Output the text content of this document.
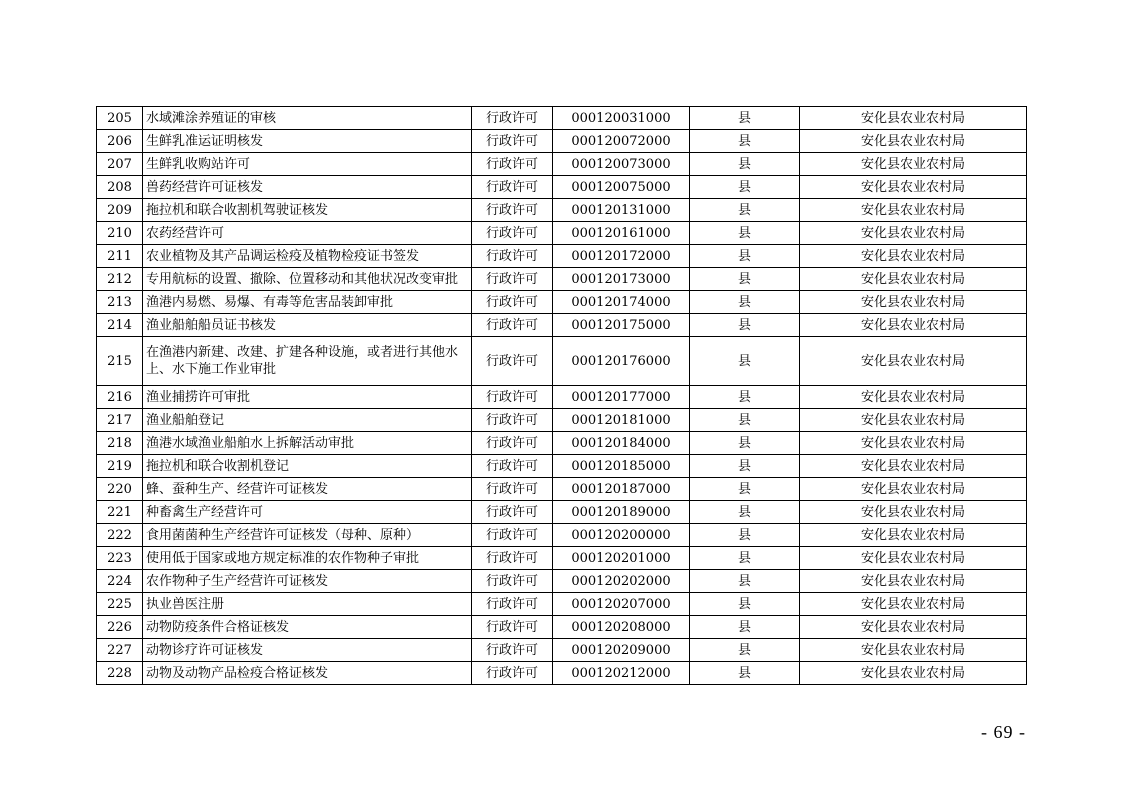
205	水域滩涂养殖证的审核	行政许可	000120031000	县	安化县农业农村局
206	生鲜乳准运证明核发	行政许可	000120072000	县	安化县农业农村局
207	生鲜乳收购站许可	行政许可	000120073000	县	安化县农业农村局
208	兽药经营许可证核发	行政许可	000120075000	县	安化县农业农村局
209	拖拉机和联合收割机驾驶证核发	行政许可	000120131000	县	安化县农业农村局
210	农药经营许可	行政许可	000120161000	县	安化县农业农村局
211	农业植物及其产品调运检疫及植物检疫证书签发	行政许可	000120172000	县	安化县农业农村局
212	专用航标的设置、撤除、位置移动和其他状况改变审批	行政许可	000120173000	县	安化县农业农村局
213	渔港内易燃、易爆、有毒等危害品装卸审批	行政许可	000120174000	县	安化县农业农村局
214	渔业船舶船员证书核发	行政许可	000120175000	县	安化县农业农村局
215	在渔港内新建、改建、扩建各种设施，或者进行其他水上、水下施工作业审批	行政许可	000120176000	县	安化县农业农村局
216	渔业捕捞许可审批	行政许可	000120177000	县	安化县农业农村局
217	渔业船舶登记	行政许可	000120181000	县	安化县农业农村局
218	渔港水域渔业船舶水上拆解活动审批	行政许可	000120184000	县	安化县农业农村局
219	拖拉机和联合收割机登记	行政许可	000120185000	县	安化县农业农村局
220	蜂、蚕种生产、经营许可证核发	行政许可	000120187000	县	安化县农业农村局
221	种畜禽生产经营许可	行政许可	000120189000	县	安化县农业农村局
222	食用菌菌种生产经营许可证核发（母种、原种）	行政许可	000120200000	县	安化县农业农村局
223	使用低于国家或地方规定标准的农作物种子审批	行政许可	000120201000	县	安化县农业农村局
224	农作物种子生产经营许可证核发	行政许可	000120202000	县	安化县农业农村局
225	执业兽医注册	行政许可	000120207000	县	安化县农业农村局
226	动物防疫条件合格证核发	行政许可	000120208000	县	安化县农业农村局
227	动物诊疗许可证核发	行政许可	000120209000	县	安化县农业农村局
228	动物及动物产品检疫合格证核发	行政许可	000120212000	县	安化县农业农村局
- 69 -
